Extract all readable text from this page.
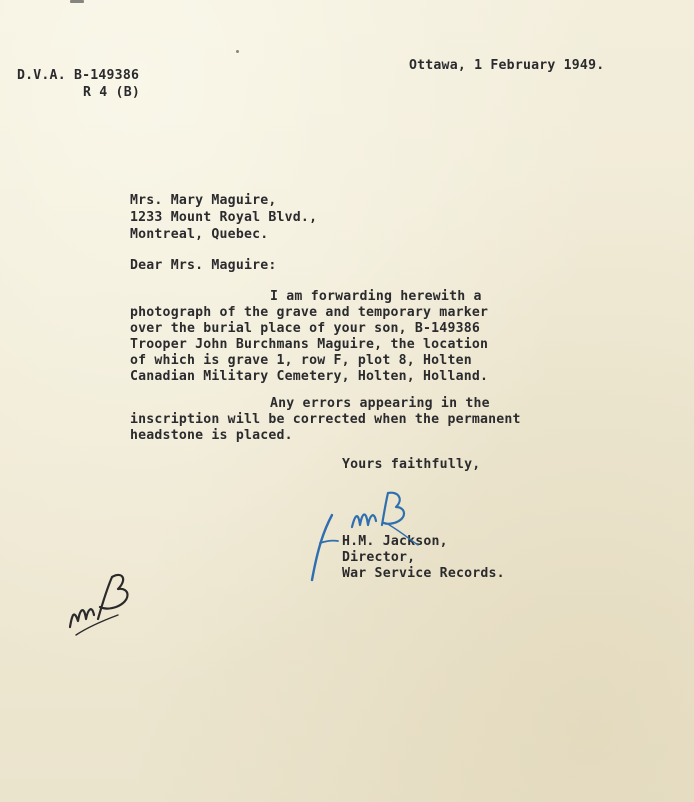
D.V.A. B-149386
R 4 (B)
Ottawa, 1 February 1949.
Mrs. Mary Maguire,
1233 Mount Royal Blvd.,
Montreal, Quebec.
Dear Mrs. Maguire:
I am forwarding herewith a
photograph of the grave and temporary marker
over the burial place of your son, B-149386
Trooper John Burchmans Maguire, the location
of which is grave 1, row F, plot 8, Holten
Canadian Military Cemetery, Holten, Holland.
Any errors appearing in the
inscription will be corrected when the permanent
headstone is placed.
Yours faithfully,
H.M. Jackson,
Director,
War Service Records.
